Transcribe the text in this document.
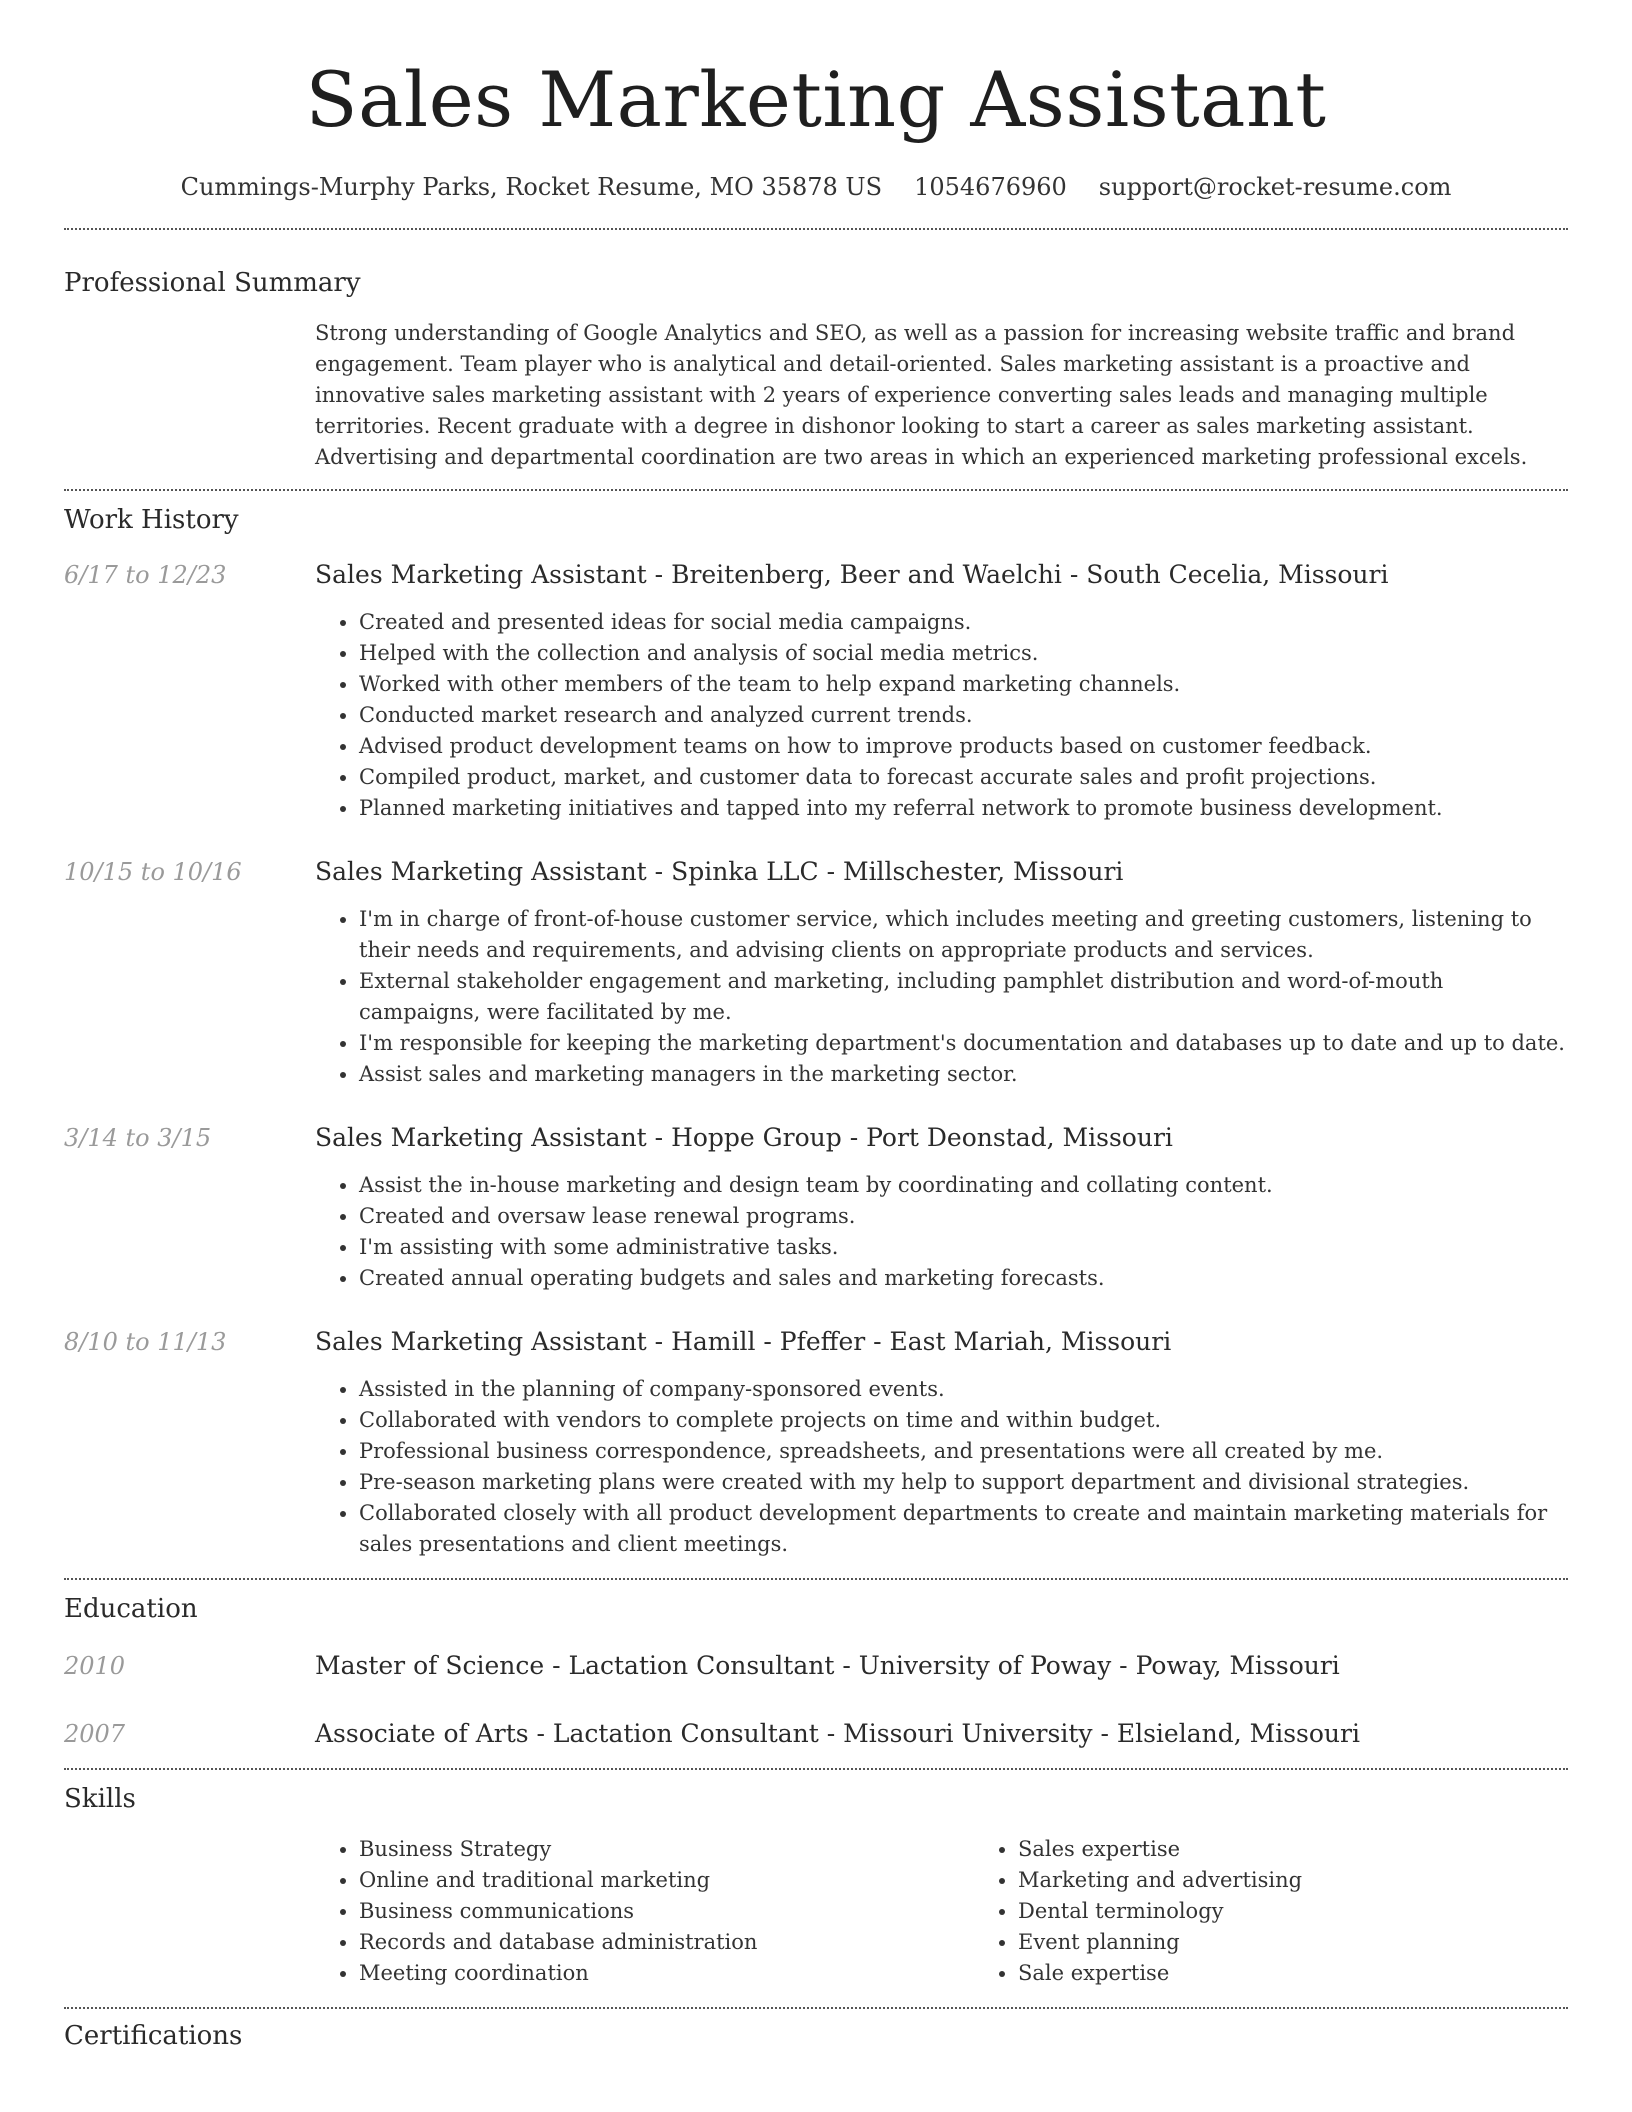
Sales Marketing Assistant
Cummings-Murphy Parks, Rocket Resume, MO 35878 US 1054676960 support@rocket-resume.com
Professional Summary

Strong understanding of Google Analytics and SEO, as well as a passion for increasing website traffic and brand engagement. Team player who is analytical and detail-oriented. Sales marketing assistant is a proactive and innovative sales marketing assistant with 2 years of experience converting sales leads and managing multiple territories. Recent graduate with a degree in dishonor looking to start a career as sales marketing assistant. Advertising and departmental coordination are two areas in which an experienced marketing professional excels.

Work History
6/17 to 12/23	Sales Marketing Assistant - Breitenberg, Beer and Waelchi - South Cecelia, Missouri
• Created and presented ideas for social media campaigns.
• Helped with the collection and analysis of social media metrics.
• Worked with other members of the team to help expand marketing channels.
• Conducted market research and analyzed current trends.
• Advised product development teams on how to improve products based on customer feedback.
• Compiled product, market, and customer data to forecast accurate sales and profit projections.
• Planned marketing initiatives and tapped into my referral network to promote business development.
10/15 to 10/16	Sales Marketing Assistant - Spinka LLC - Millschester, Missouri
• I'm in charge of front-of-house customer service, which includes meeting and greeting customers, listening to their needs and requirements, and advising clients on appropriate products and services.
• External stakeholder engagement and marketing, including pamphlet distribution and word-of-mouth campaigns, were facilitated by me.
• I'm responsible for keeping the marketing department's documentation and databases up to date and up to date.
• Assist sales and marketing managers in the marketing sector.
3/14 to 3/15	Sales Marketing Assistant - Hoppe Group - Port Deonstad, Missouri
• Assist the in-house marketing and design team by coordinating and collating content.
• Created and oversaw lease renewal programs.
• I'm assisting with some administrative tasks.
• Created annual operating budgets and sales and marketing forecasts.
8/10 to 11/13	Sales Marketing Assistant - Hamill - Pfeffer - East Mariah, Missouri
• Assisted in the planning of company-sponsored events.
• Collaborated with vendors to complete projects on time and within budget.
• Professional business correspondence, spreadsheets, and presentations were all created by me.
• Pre-season marketing plans were created with my help to support department and divisional strategies.
• Collaborated closely with all product development departments to create and maintain marketing materials for sales presentations and client meetings.
Education
2010	Master of Science - Lactation Consultant - University of Poway - Poway, Missouri
2007	Associate of Arts - Lactation Consultant - Missouri University - Elsieland, Missouri
Skills
• Business Strategy
• Online and traditional marketing
• Business communications
• Records and database administration
• Meeting coordination
• Sales expertise
• Marketing and advertising
• Dental terminology
• Event planning
• Sale expertise
Certifications
